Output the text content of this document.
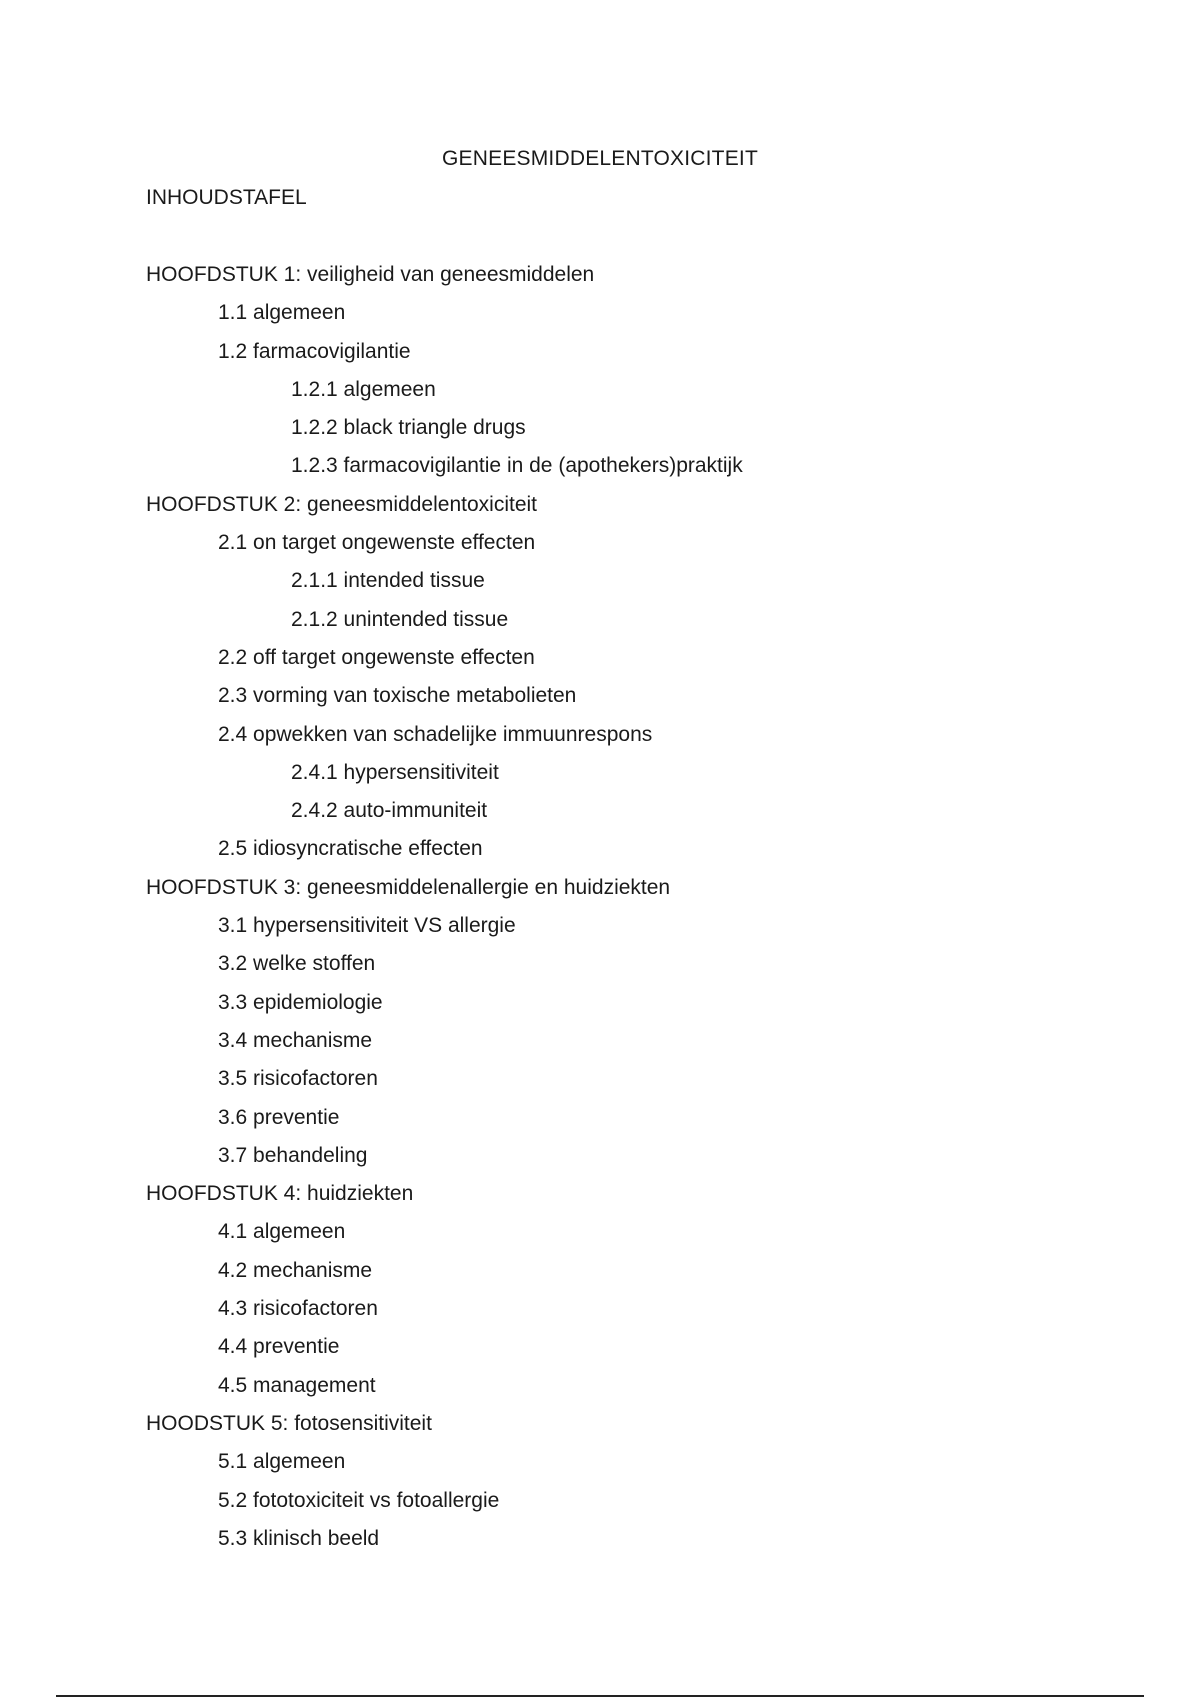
GENEESMIDDELENTOXICITEIT
INHOUDSTAFEL
HOOFDSTUK 1: veiligheid van geneesmiddelen
1.1 algemeen
1.2 farmacovigilantie
1.2.1 algemeen
1.2.2 black triangle drugs
1.2.3 farmacovigilantie in de (apothekers)praktijk
HOOFDSTUK 2: geneesmiddelentoxiciteit
2.1 on target ongewenste effecten
2.1.1 intended tissue
2.1.2 unintended tissue
2.2 off target ongewenste effecten
2.3 vorming van toxische metabolieten
2.4 opwekken van schadelijke immuunrespons
2.4.1 hypersensitiviteit
2.4.2 auto-immuniteit
2.5 idiosyncratische effecten
HOOFDSTUK 3: geneesmiddelenallergie en huidziekten
3.1 hypersensitiviteit VS allergie
3.2 welke stoffen
3.3 epidemiologie
3.4 mechanisme
3.5 risicofactoren
3.6 preventie
3.7 behandeling
HOOFDSTUK 4: huidziekten
4.1 algemeen
4.2 mechanisme
4.3 risicofactoren
4.4 preventie
4.5 management
HOODSTUK 5: fotosensitiviteit
5.1 algemeen
5.2 fototoxiciteit vs fotoallergie
5.3 klinisch beeld
